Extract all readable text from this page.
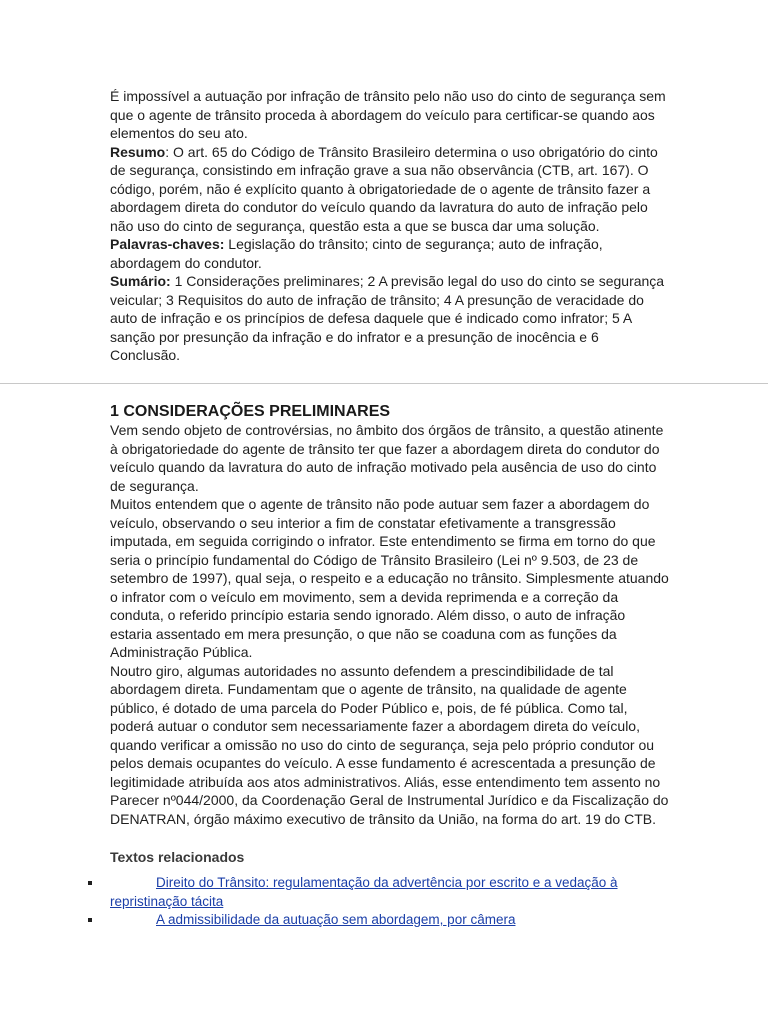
É impossível a autuação por infração de trânsito pelo não uso do cinto de segurança sem que o agente de trânsito proceda à abordagem do veículo para certificar-se quando aos elementos do seu ato.

Resumo: O art. 65 do Código de Trânsito Brasileiro determina o uso obrigatório do cinto de segurança, consistindo em infração grave a sua não observância (CTB, art. 167). O código, porém, não é explícito quanto à obrigatoriedade de o agente de trânsito fazer a abordagem direta do condutor do veículo quando da lavratura do auto de infração pelo não uso do cinto de segurança, questão esta a que se busca dar uma solução.

Palavras-chaves: Legislação do trânsito; cinto de segurança; auto de infração, abordagem do condutor.

Sumário: 1 Considerações preliminares; 2 A previsão legal do uso do cinto se segurança veicular; 3 Requisitos do auto de infração de trânsito; 4 A presunção de veracidade do auto de infração e os princípios de defesa daquele que é indicado como infrator; 5 A sanção por presunção da infração e do infrator e a presunção de inocência e 6 Conclusão.

1 CONSIDERAÇÕES PRELIMINARES

Vem sendo objeto de controvérsias, no âmbito dos órgãos de trânsito, a questão atinente à obrigatoriedade do agente de trânsito ter que fazer a abordagem direta do condutor do veículo quando da lavratura do auto de infração motivado pela ausência de uso do cinto de segurança.

Muitos entendem que o agente de trânsito não pode autuar sem fazer a abordagem do veículo, observando o seu interior a fim de constatar efetivamente a transgressão imputada, em seguida corrigindo o infrator. Este entendimento se firma em torno do que seria o princípio fundamental do Código de Trânsito Brasileiro (Lei nº 9.503, de 23 de setembro de 1997), qual seja, o respeito e a educação no trânsito. Simplesmente atuando o infrator com o veículo em movimento, sem a devida reprimenda e a correção da conduta, o referido princípio estaria sendo ignorado. Além disso, o auto de infração estaria assentado em mera presunção, o que não se coaduna com as funções da Administração Pública.

Noutro giro, algumas autoridades no assunto defendem a prescindibilidade de tal abordagem direta. Fundamentam que o agente de trânsito, na qualidade de agente público, é dotado de uma parcela do Poder Público e, pois, de fé pública. Como tal, poderá autuar o condutor sem necessariamente fazer a abordagem direta do veículo, quando verificar a omissão no uso do cinto de segurança, seja pelo próprio condutor ou pelos demais ocupantes do veículo. A esse fundamento é acrescentada a presunção de legitimidade atribuída aos atos administrativos. Aliás, esse entendimento tem assento no Parecer nº044/2000, da Coordenação Geral de Instrumental Jurídico e da Fiscalização do DENATRAN, órgão máximo executivo de trânsito da União, na forma do art. 19 do CTB.

Textos relacionados
Direito do Trânsito: regulamentação da advertência por escrito e a vedação à repristinação tácita
A admissibilidade da autuação sem abordagem, por câmera
